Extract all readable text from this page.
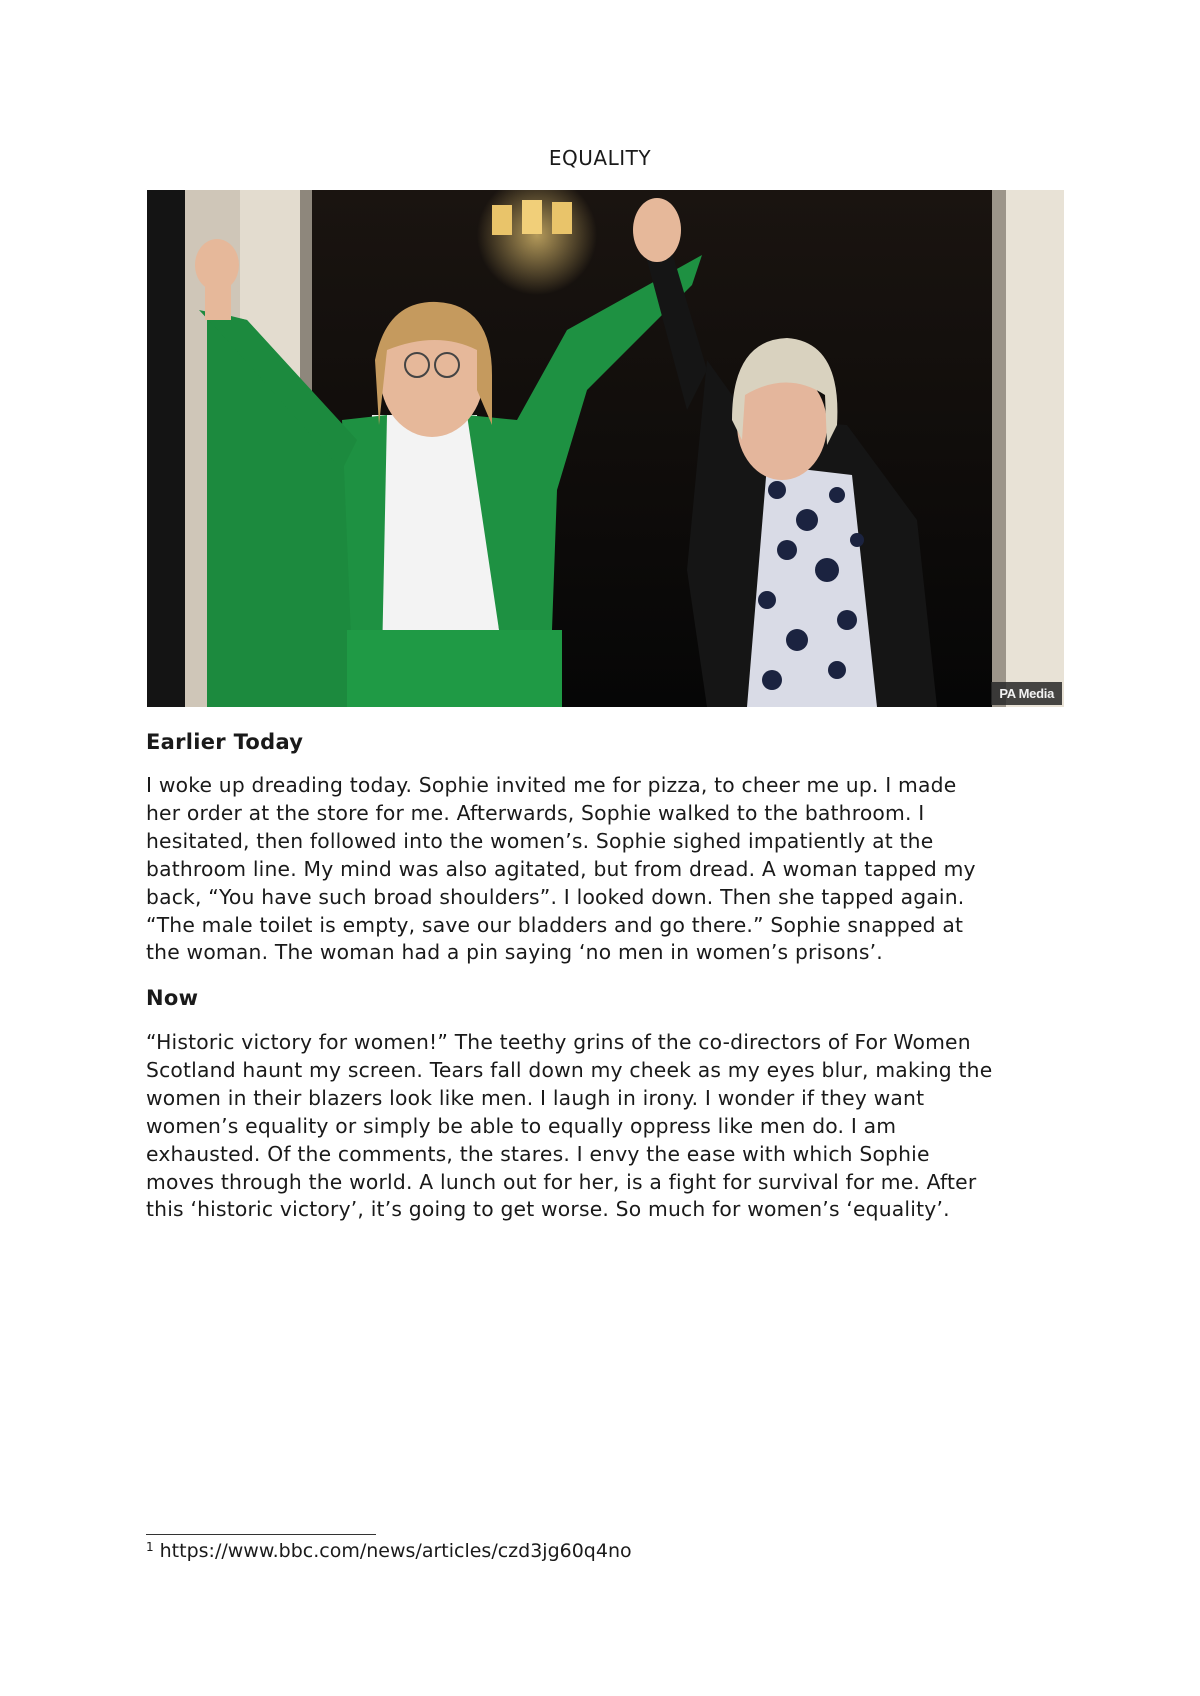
EQUALITY
PA Media
Earlier Today
I woke up dreading today. Sophie invited me for pizza, to cheer me up. I made
her order at the store for me. Afterwards, Sophie walked to the bathroom. I
hesitated, then followed into the women’s. Sophie sighed impatiently at the
bathroom line. My mind was also agitated, but from dread. A woman tapped my
back, “You have such broad shoulders”. I looked down. Then she tapped again.
“The male toilet is empty, save our bladders and go there.” Sophie snapped at
the woman. The woman had a pin saying ‘no men in women’s prisons’.
Now
“Historic victory for women!” The teethy grins of the co-directors of For Women
Scotland haunt my screen. Tears fall down my cheek as my eyes blur, making the
women in their blazers look like men. I laugh in irony. I wonder if they want
women’s equality or simply be able to equally oppress like men do. I am
exhausted. Of the comments, the stares. I envy the ease with which Sophie
moves through the world. A lunch out for her, is a fight for survival for me. After
this ‘historic victory’, it’s going to get worse. So much for women’s ‘equality’.
$^1$ https://www.bbc.com/news/articles/czd3jg60q4no
